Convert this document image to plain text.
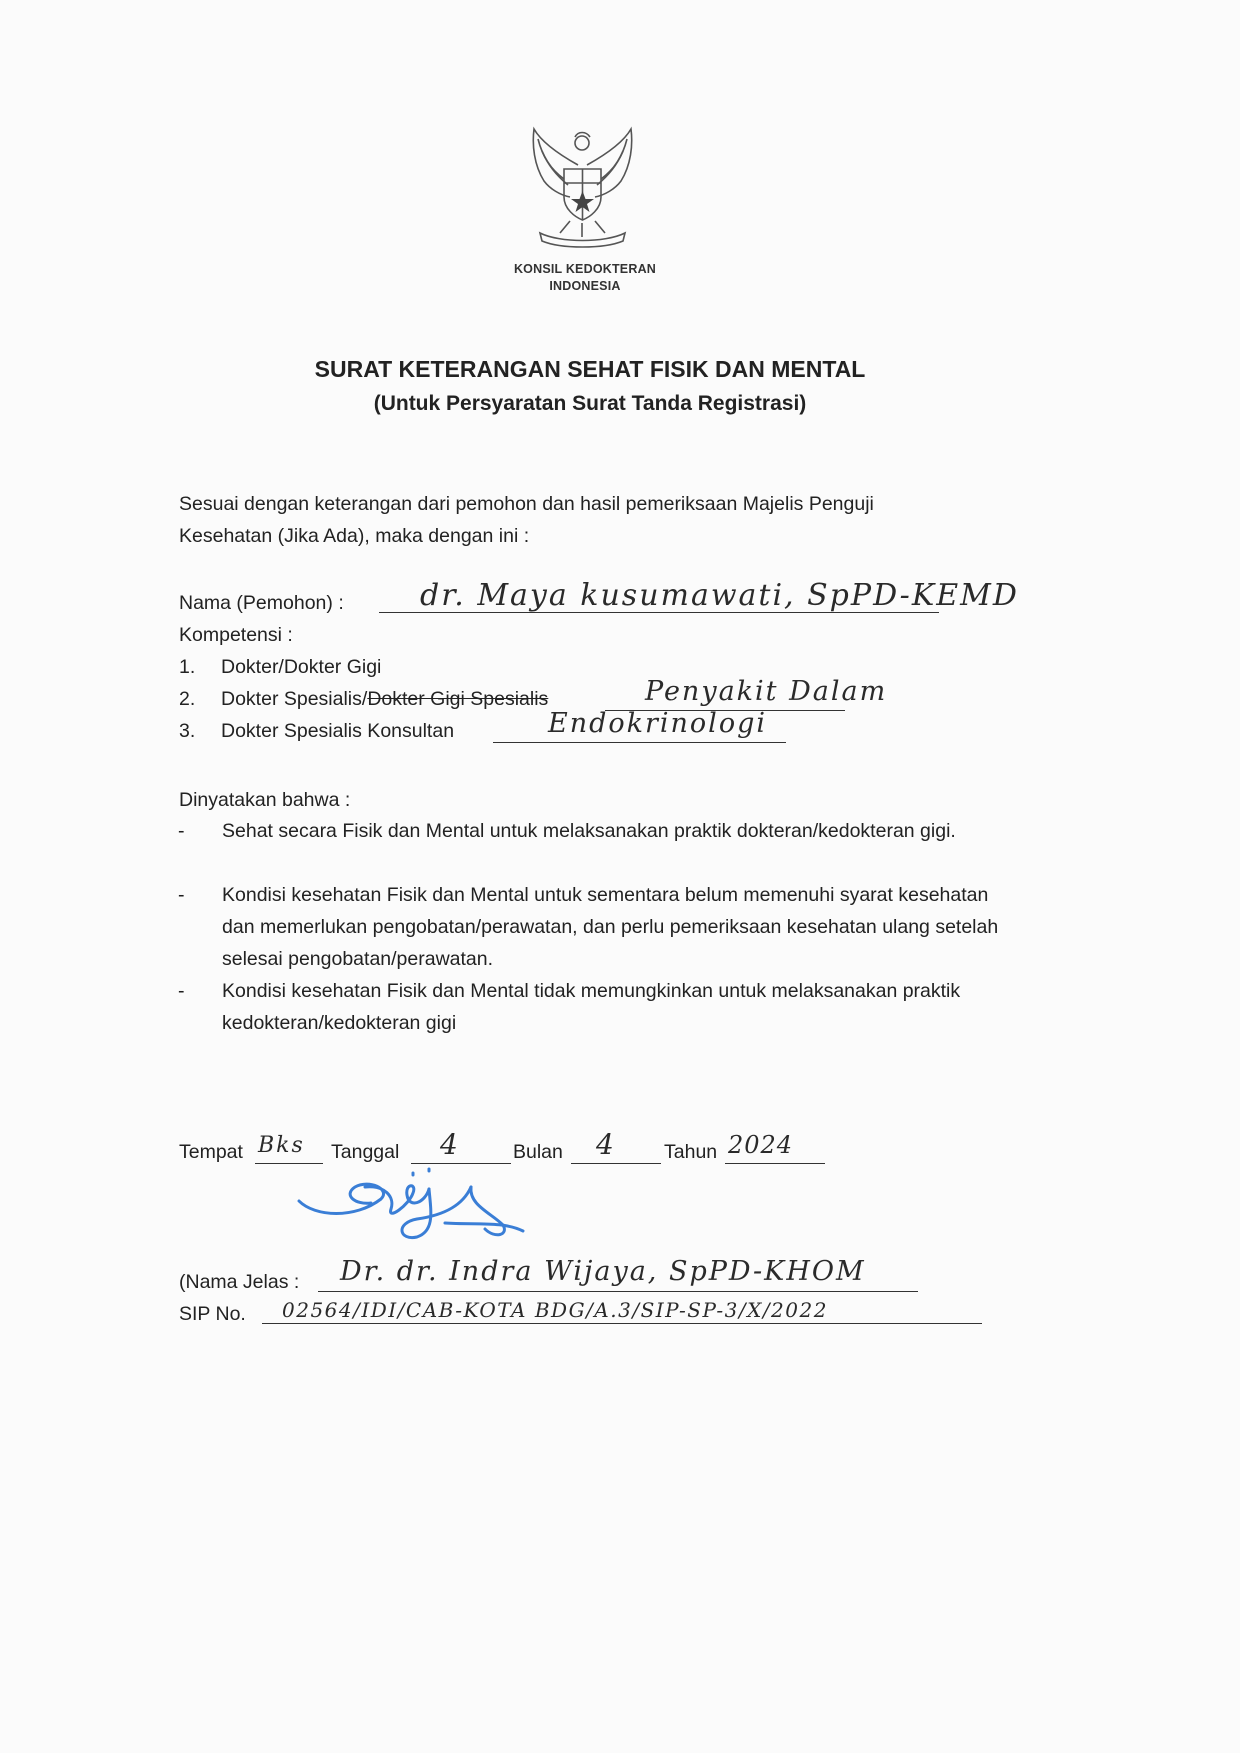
KONSIL KEDOKTERAN
INDONESIA
SURAT KETERANGAN SEHAT FISIK DAN MENTAL
(Untuk Persyaratan Surat Tanda Registrasi)
Sesuai dengan keterangan dari pemohon dan hasil pemeriksaan Majelis Penguji
Kesehatan (Jika Ada), maka dengan ini :
Nama (Pemohon) :	dr. Maya kusumawati, SpPD-KEMD
Kompetensi :
1. Dokter/Dokter Gigi
2. Dokter Spesialis/Dokter Gigi Spesialis	Penyakit Dalam
3. Dokter Spesialis Konsultan	Endokrinologi
Dinyatakan bahwa :
- Sehat secara Fisik dan Mental untuk melaksanakan praktik dokteran/kedokteran gigi.
- Kondisi kesehatan Fisik dan Mental untuk sementara belum memenuhi syarat kesehatan dan memerlukan pengobatan/perawatan, dan perlu pemeriksaan kesehatan ulang setelah selesai pengobatan/perawatan.
- Kondisi kesehatan Fisik dan Mental tidak memungkinkan untuk melaksanakan praktik kedokteran/kedokteran gigi
Tempat Bks Tanggal 4	Bulan 4 Tahun 2024
(Nama Jelas : Dr. dr. Indra Wijaya, SpPD-KHOM
SIP No. 02564/IDI/CAB-KOTA BDG/A.3/SIP-SP-3/X/2022
